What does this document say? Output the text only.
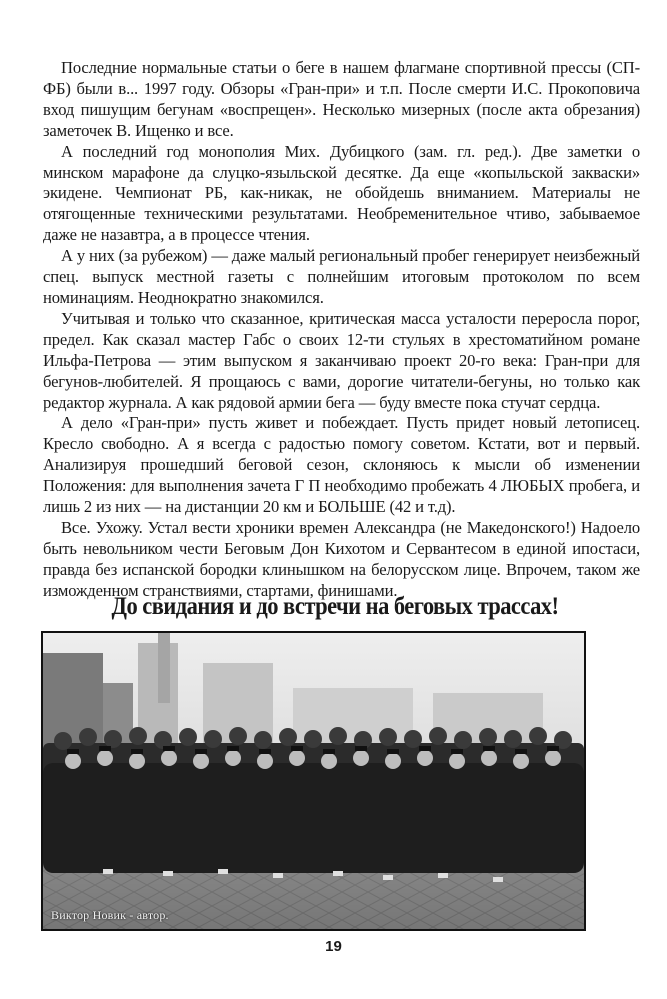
Последние нормальные статьи о беге в нашем флагмане спортивной прессы (СП-ФБ) были в... 1997 году. Обзоры «Гран-при» и т.п. После смерти И.С. Прокоповича вход пишущим бегунам «воспрещен». Несколько мизерных (после акта обрезания) заметочек В. Ищенко и все.

А последний год монополия Мих. Дубицкого (зам. гл. ред.). Две заметки о минском марафоне да слуцко-языльской десятке. Да еще «копыльской закваски» экидене. Чемпионат РБ, как-никак, не обойдешь вниманием. Материалы не отягощенные техническими результатами. Необременительное чтиво, забываемое даже не назавтра, а в процессе чтения.

А у них (за рубежом) — даже малый региональный пробег генерирует неизбежный спец. выпуск местной газеты с полнейшим итоговым протоколом по всем номинациям. Неоднократно знакомился.

Учитывая и только что сказанное, критическая масса усталости переросла порог, предел. Как сказал мастер Габс о своих 12-ти стульях в хрестоматийном романе Ильфа-Петрова — этим выпуском я заканчиваю проект 20-го века: Гран-при для бегунов-любителей. Я прощаюсь с вами, дорогие читатели-бегуны, но только как редактор журнала. А как рядовой армии бега — буду вместе пока стучат сердца.

А дело «Гран-при» пусть живет и побеждает. Пусть придет новый летописец. Кресло свободно. А я всегда с радостью помогу советом. Кстати, вот и первый. Анализируя прошедший беговой сезон, склоняюсь к мысли об изменении Положения: для выполнения зачета Г П необходимо пробежать 4 ЛЮБЫХ пробега, и лишь 2 из них — на дистанции 20 км и БОЛЬШЕ (42 и т.д).

Все. Ухожу. Устал вести хроники времен Александра (не Македонского!) Надоело быть невольником чести Беговым Дон Кихотом и Сервантесом в единой ипостаси, правда без испанской бородки клинышком на белорусском лице. Впрочем, таком же изможденном странствиями, стартами, финишами.

До свидания и до встречи на беговых трассах!
Виктор Новик - автор.
19
